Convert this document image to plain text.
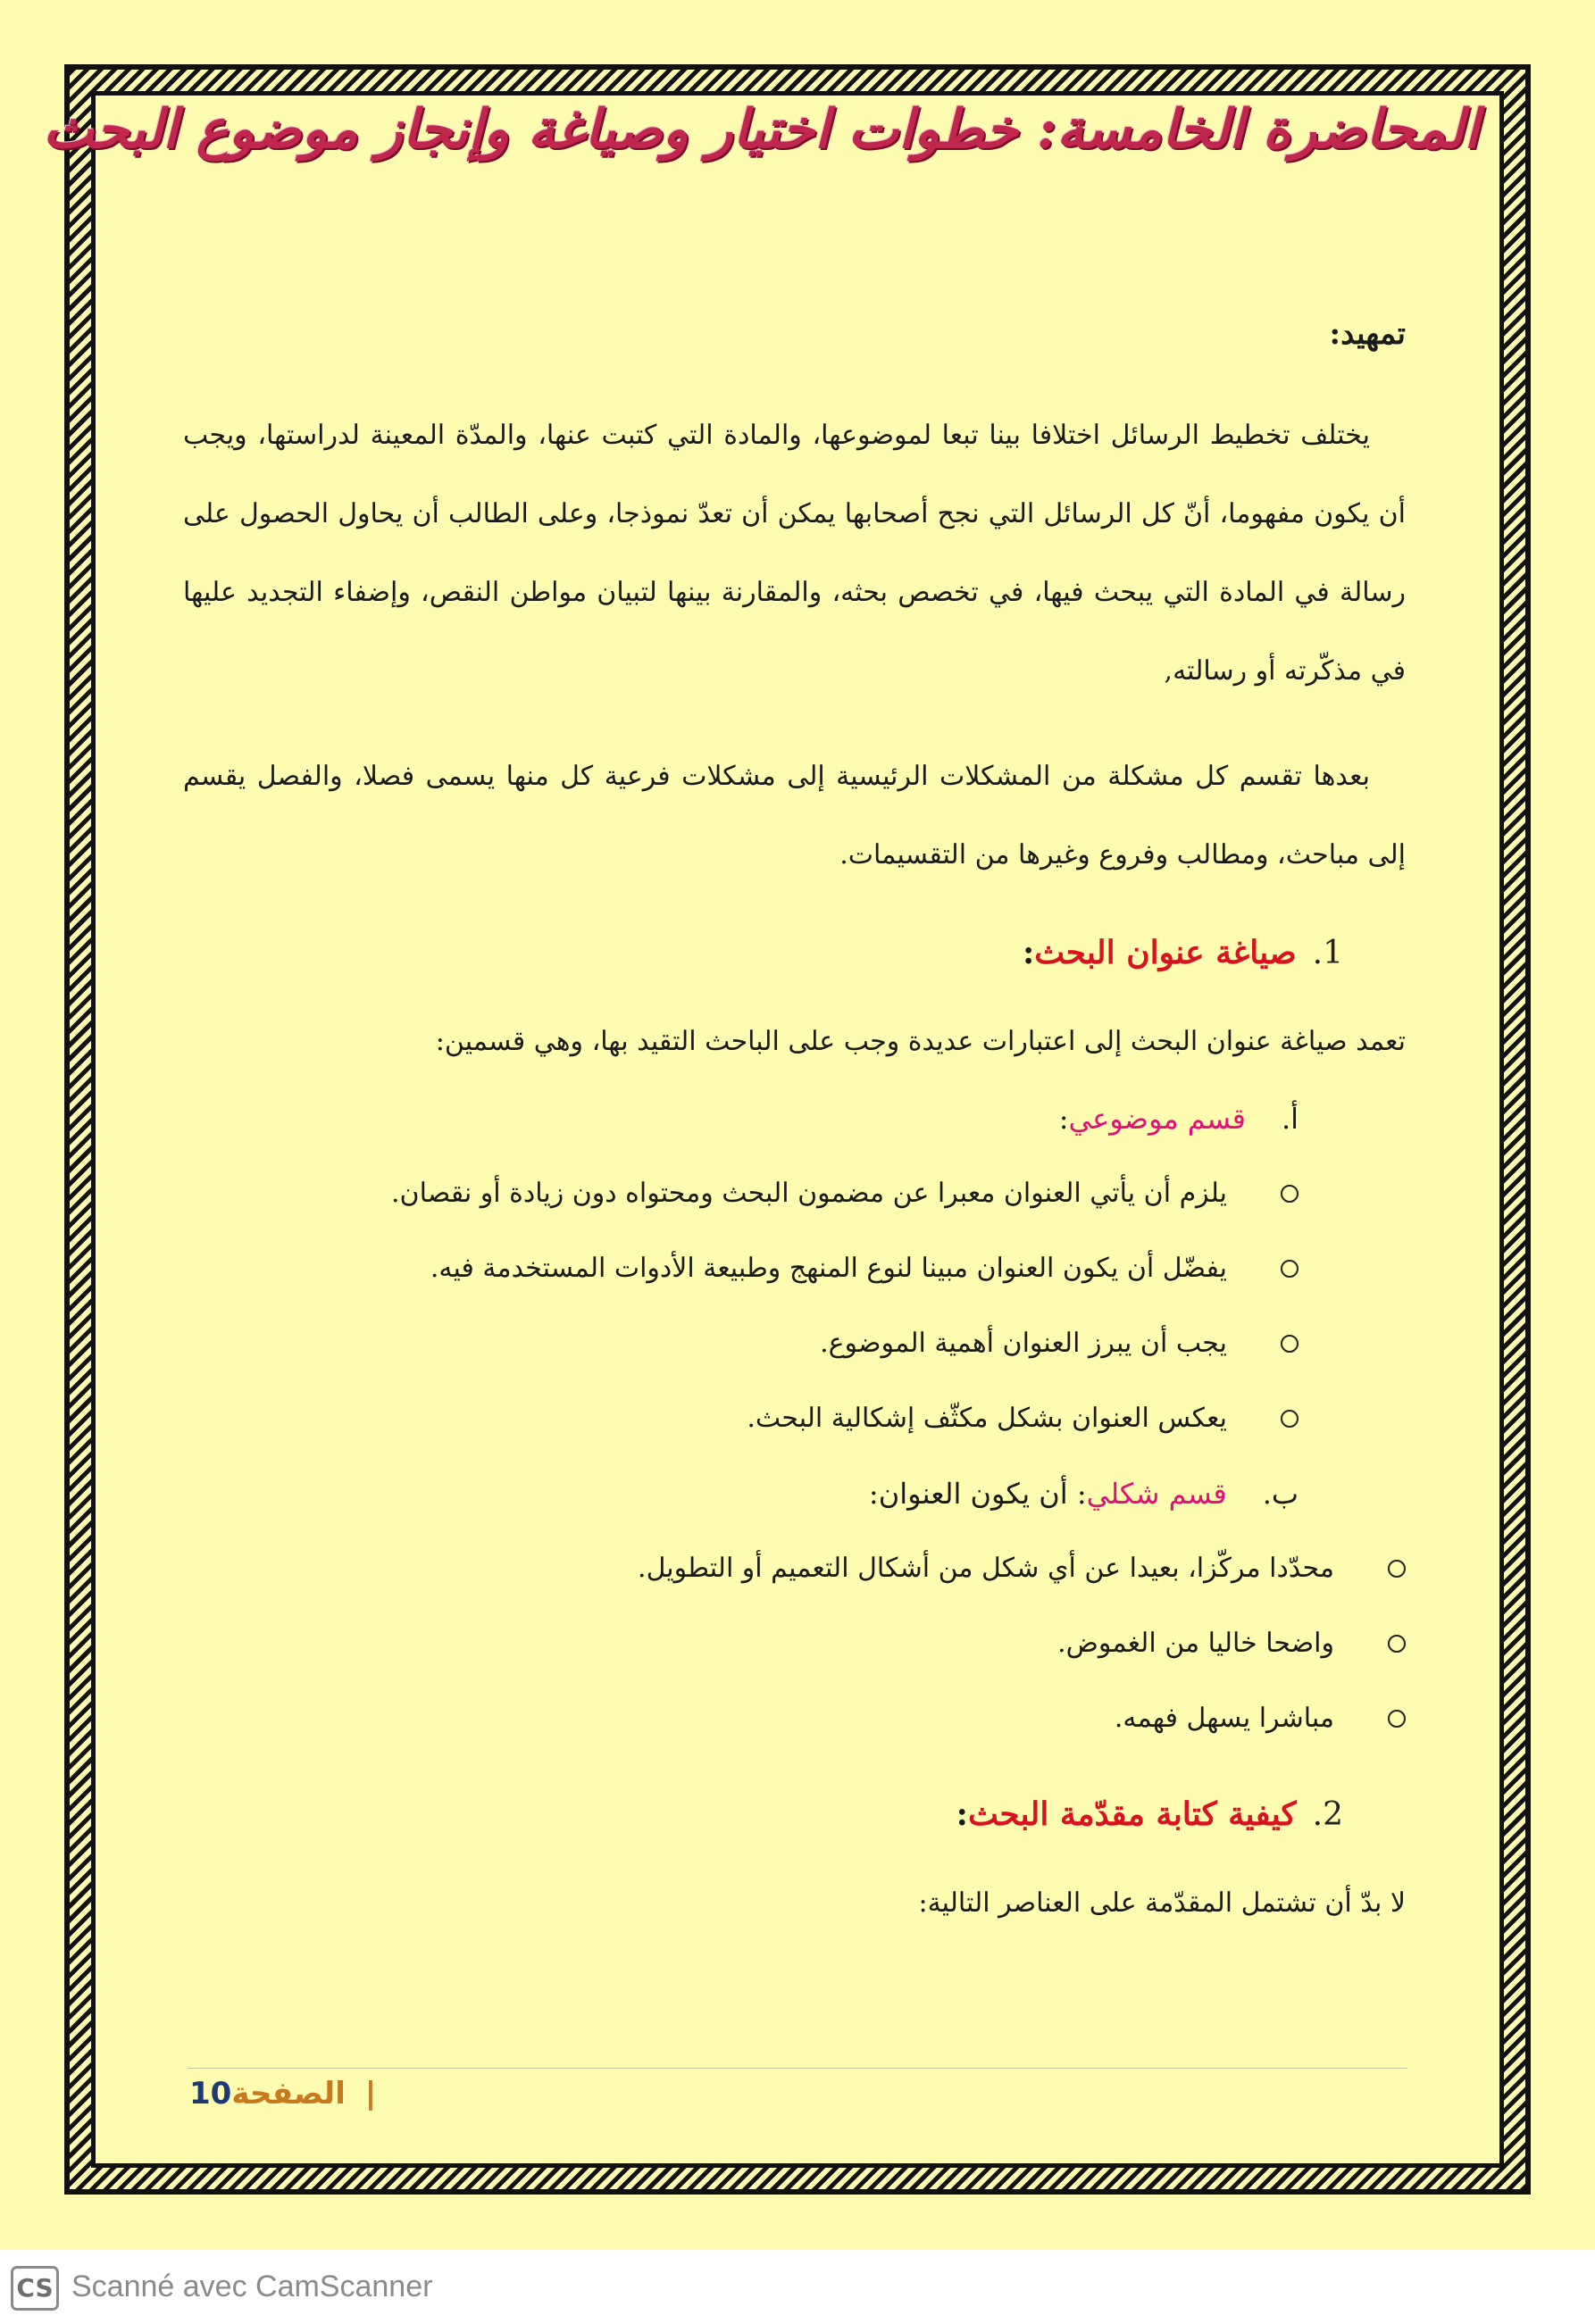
المحاضرة الخامسة: خطوات اختيار وصياغة وإنجاز موضوع البحث

تمهيد:

يختلف تخطيط الرسائل اختلافا بينا تبعا لموضوعها، والمادة التي كتبت عنها، والمدّة المعينة لدراستها، ويجب أن يكون مفهوما، أنّ كل الرسائل التي نجح أصحابها يمكن أن تعدّ نموذجا، وعلى الطالب أن يحاول الحصول على رسالة في المادة التي يبحث فيها، في تخصص بحثه، والمقارنة بينها لتبيان مواطن النقص، وإضفاء التجديد عليها في مذكّرته أو رسالته,

بعدها تقسم كل مشكلة من المشكلات الرئيسية إلى مشكلات فرعية كل منها يسمى فصلا، والفصل يقسم إلى مباحث، ومطالب وفروع وغيرها من التقسيمات.

1.صياغة عنوان البحث:

تعمد صياغة عنوان البحث إلى اعتبارات عديدة وجب على الباحث التقيد بها، وهي قسمين:

أ.قسم موضوعي:
يلزم أن يأتي العنوان معبرا عن مضمون البحث ومحتواه دون زيادة أو نقصان.
يفضّل أن يكون العنوان مبينا لنوع المنهج وطبيعة الأدوات المستخدمة فيه.
يجب أن يبرز العنوان أهمية الموضوع.
يعكس العنوان بشكل مكثّف إشكالية البحث.
ب.قسم شكلي: أن يكون العنوان:
محدّدا مركّزا، بعيدا عن أي شكل من أشكال التعميم أو التطويل.
واضحا خاليا من الغموض.
مباشرا يسهل فهمه.
2.كيفية كتابة مقدّمة البحث:

لا بدّ أن تشتمل المقدّمة على العناصر التالية:

10الصفحة |
CS Scanné avec CamScanner
